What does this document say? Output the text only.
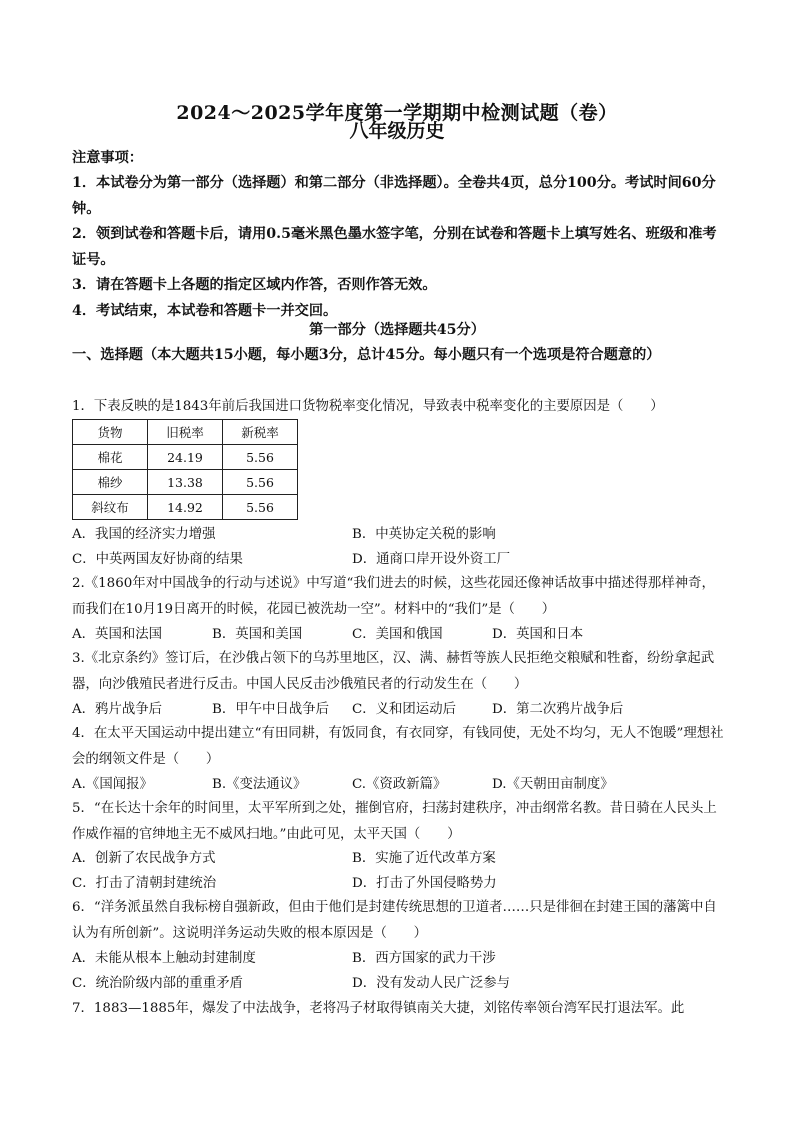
2024～2025学年度第一学期期中检测试题（卷）
八年级历史
注意事项：

1．本试卷分为第一部分（选择题）和第二部分（非选择题）。全卷共4页，总分100分。考试时间60分钟。

2．领到试卷和答题卡后，请用0.5毫米黑色墨水签字笔，分别在试卷和答题卡上填写姓名、班级和准考证号。

3．请在答题卡上各题的指定区域内作答，否则作答无效。

4．考试结束，本试卷和答题卡一并交回。

第一部分（选择题共45分）
一、选择题（本大题共15小题，每小题3分，总计45分。每小题只有一个选项是符合题意的）
1．下表反映的是1843年前后我国进口货物税率变化情况，导致表中税率变化的主要原因是（　　）
货物	旧税率	新税率
棉花	24.19	5.56
棉纱	13.38	5.56
斜纹布	14.92	5.56
A．我国的经济实力增强	B．中英协定关税的影响
C．中英两国友好协商的结果	D．通商口岸开设外资工厂
2.《1860年对中国战争的行动与述说》中写道“我们进去的时候，这些花园还像神话故事中描述得那样神奇，而我们在10月19日离开的时候，花园已被洗劫一空”。材料中的“我们”是（　　）
A．英国和法国	B．英国和美国	C．美国和俄国	D．英国和日本
3.《北京条约》签订后，在沙俄占领下的乌苏里地区，汉、满、赫哲等族人民拒绝交粮赋和牲畜，纷纷拿起武器，向沙俄殖民者进行反击。中国人民反击沙俄殖民者的行动发生在（　　）
A．鸦片战争后	B．甲午中日战争后 C．义和团运动后	D．第二次鸦片战争后
4．在太平天国运动中提出建立“有田同耕，有饭同食，有衣同穿，有钱同使，无处不均匀，无人不饱暖”理想社会的纲领文件是（　　）
A.《国闻报》	B.《变法通议》	C.《资政新篇》	D.《天朝田亩制度》
5．“在长达十余年的时间里，太平军所到之处，摧倒官府，扫荡封建秩序，冲击纲常名教。昔日骑在人民头上作威作福的官绅地主无不威风扫地。”由此可见，太平天国（　　）
A．创新了农民战争方式	B．实施了近代改革方案
C．打击了清朝封建统治	D．打击了外国侵略势力
6．“洋务派虽然自我标榜自强新政，但由于他们是封建传统思想的卫道者……只是徘徊在封建王国的藩篱中自认为有所创新”。这说明洋务运动失败的根本原因是（　　）
A．未能从根本上触动封建制度	B．西方国家的武力干涉
C．统治阶级内部的重重矛盾	D．没有发动人民广泛参与
7．1883—1885年，爆发了中法战争，老将冯子材取得镇南关大捷，刘铭传率领台湾军民打退法军。此
